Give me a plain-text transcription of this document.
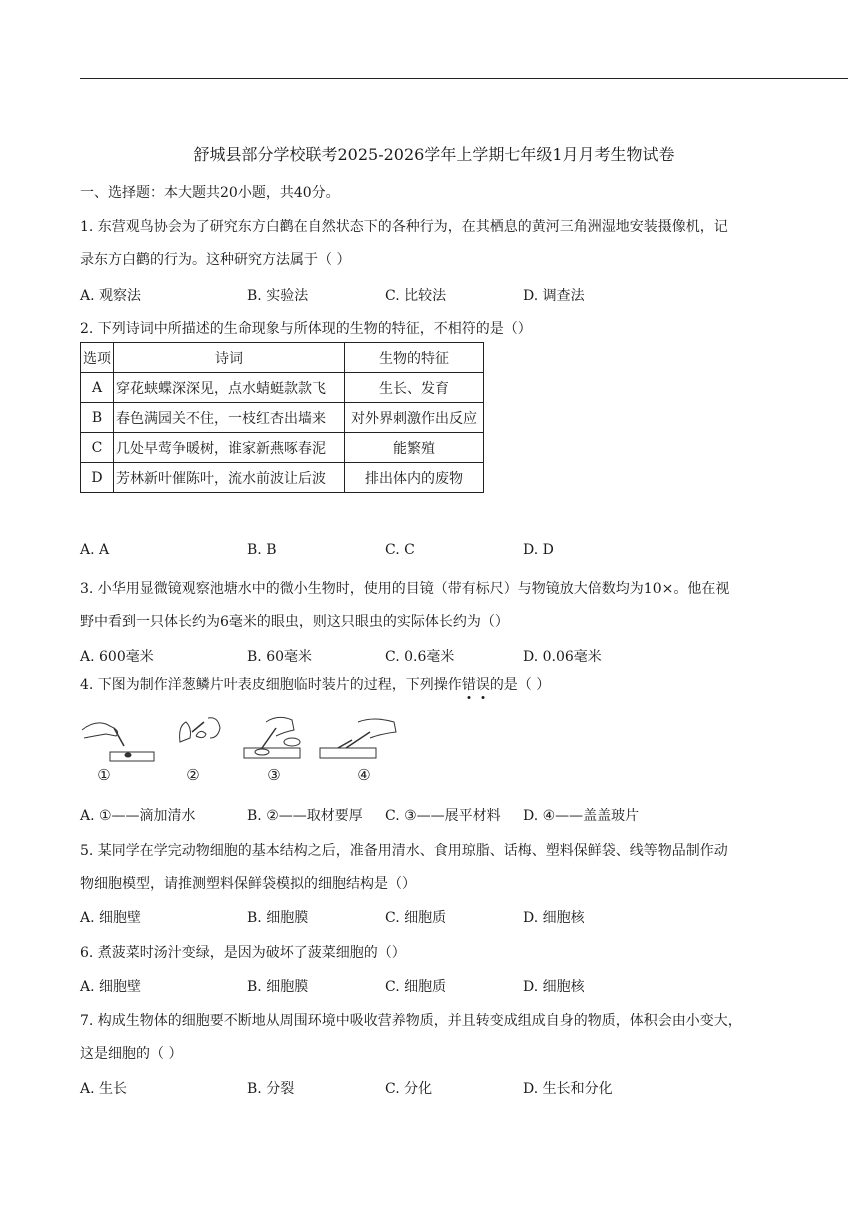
舒城县部分学校联考2025-2026学年上学期七年级1月月考生物试卷
一、选择题：本大题共20小题，共40分。
1. 东营观鸟协会为了研究东方白鹳在自然状态下的各种行为，在其栖息的黄河三角洲湿地安装摄像机，记
录东方白鹳的行为。这种研究方法属于（ ）
A. 观察法	B. 实验法	C. 比较法	D. 调查法
2. 下列诗词中所描述的生命现象与所体现的生物的特征，不相符的是（）
选项	诗词	生物的特征
A	穿花蛱蝶深深见，点水蜻蜓款款飞	生长、发育
B	春色满园关不住，一枝红杏出墙来	对外界刺激作出反应
C	几处早莺争暖树，谁家新燕啄春泥	能繁殖
D	芳林新叶催陈叶，流水前波让后波	排出体内的废物
A. A	B. B	C. C	D. D
3. 小华用显微镜观察池塘水中的微小生物时，使用的目镜（带有标尺）与物镜放大倍数均为10×。他在视
野中看到一只体长约为6毫米的眼虫，则这只眼虫的实际体长约为（）
A. 600毫米	B. 60毫米	C. 0.6毫米	D. 0.06毫米
4. 下图为制作洋葱鳞片叶表皮细胞临时装片的过程，下列操作错误的是（ ）
①	②	③	④
A. ①——滴加清水	B. ②——取材要厚 C. ③——展平材料 D. ④——盖盖玻片
5. 某同学在学完动物细胞的基本结构之后，准备用清水、食用琼脂、话梅、塑料保鲜袋、线等物品制作动
物细胞模型，请推测塑料保鲜袋模拟的细胞结构是（）
A. 细胞壁	B. 细胞膜	C. 细胞质	D. 细胞核
6. 煮菠菜时汤汁变绿，是因为破坏了菠菜细胞的（）
A. 细胞壁	B. 细胞膜	C. 细胞质	D. 细胞核
7. 构成生物体的细胞要不断地从周围环境中吸收营养物质，并且转变成组成自身的物质，体积会由小变大，
这是细胞的（ ）
A. 生长	B. 分裂	C. 分化	D. 生长和分化
